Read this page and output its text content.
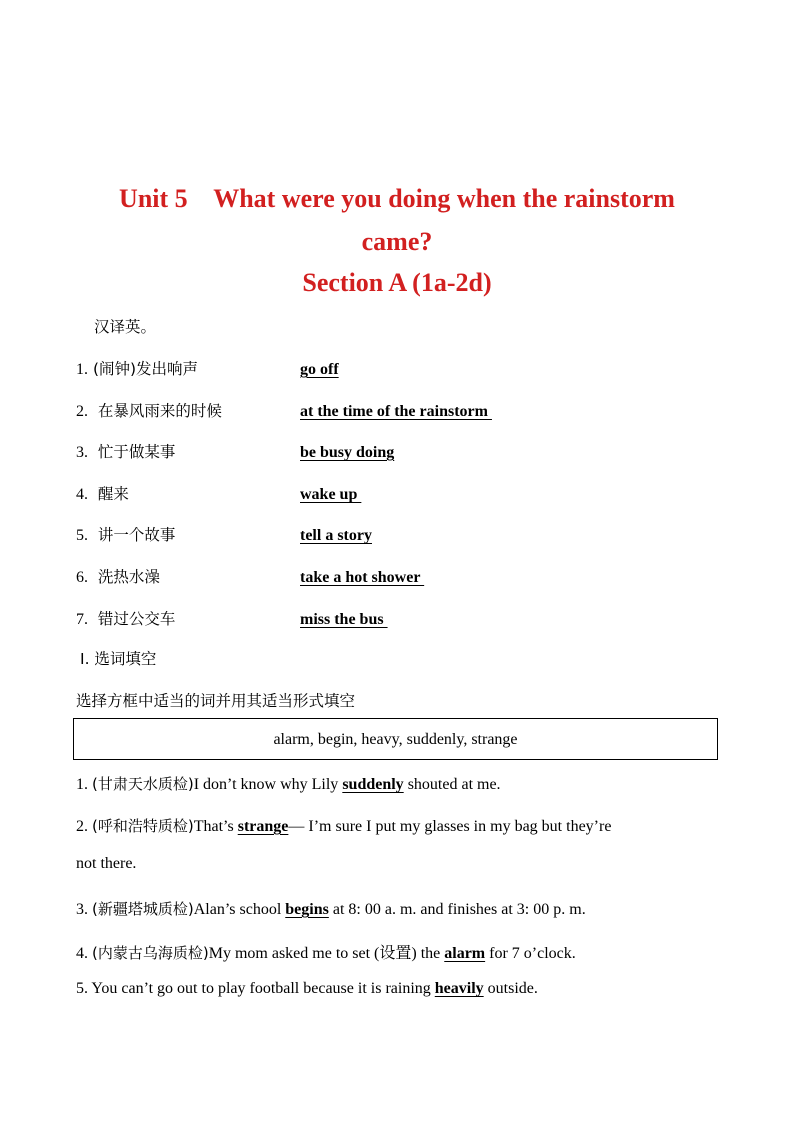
Unit 5    What were you doing when the rainstorm
came?
Section A (1a-2d)
汉译英。
1. (闹钟)发出响声	go off
2. 在暴风雨来的时候	at the time of the rainstorm
3. 忙于做某事	be busy doing
4. 醒来	wake up
5. 讲一个故事	tell a story
6. 洗热水澡	take a hot shower
7. 错过公交车	miss the bus
Ⅰ. 选词填空
选择方框中适当的词并用其适当形式填空
alarm, begin, heavy, suddenly, strange
1. (甘肃天水质检)I don’t know why Lily suddenly shouted at me.
2. (呼和浩特质检)That’s strange— I’m sure I put my glasses in my bag but they’re
not there.
3. (新疆塔城质检)Alan’s school begins at 8: 00 a. m. and finishes at 3: 00 p. m.
4. (内蒙古乌海质检)My mom asked me to set (设置) the alarm for 7 o’clock.
5. You can’t go out to play football because it is raining heavily outside.
